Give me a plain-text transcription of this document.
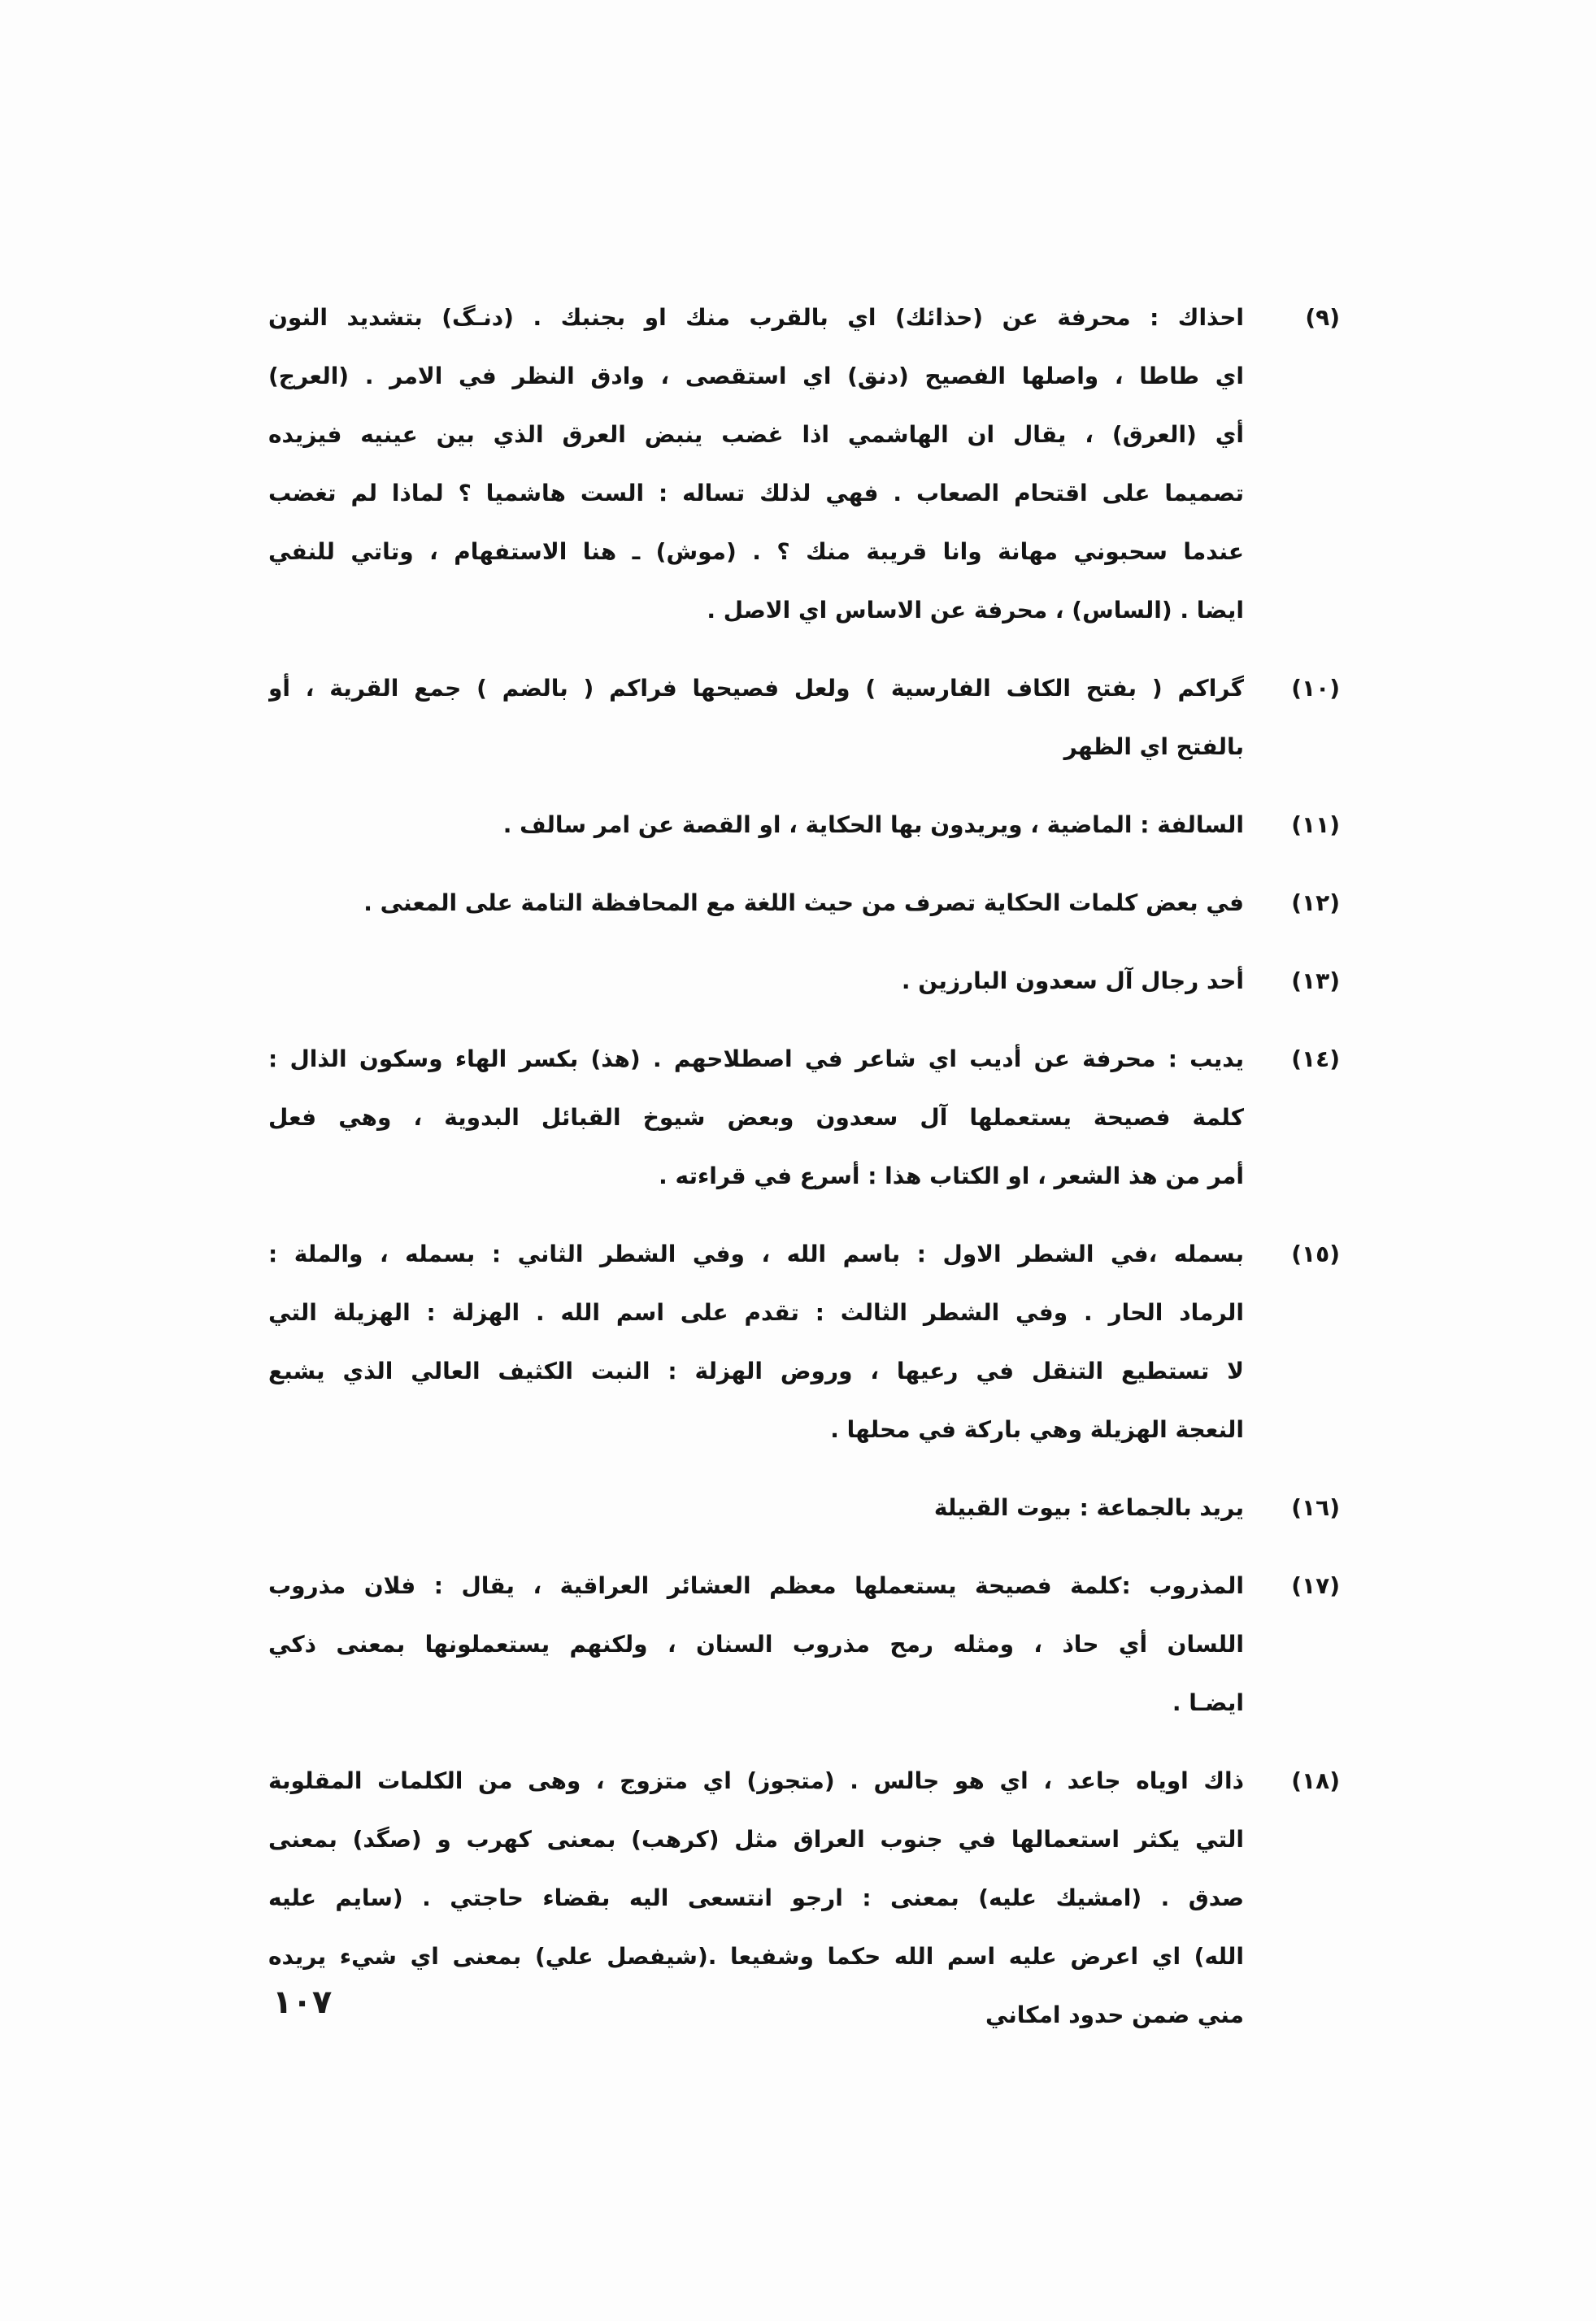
(٩)
احذاك : محرفة عن (حذائك) اي بالقرب منك او بجنبك . (دنـگ) بتشديد النون
اي طاطا ، واصلها الفصيح (دنق) اي استقصى ، وادق النظر في الامر . (العرج)
أي (العرق) ، يقال ان الهاشمي اذا غضب ينبض العرق الذي بين عينيه فيزيده
تصميما على اقتحام الصعاب . فهي لذلك تساله : الست هاشميا ؟ لماذا لم تغضب
عندما سحبوني مهانة وانا قريبة منك ؟ . (موش) ـ هنا الاستفهام ، وتاتي للنفي
ايضا . (الساس) ، محرفة عن الاساس اي الاصل .
(١٠)
گراكم ( بفتح الكاف الفارسية ) ولعل فصيحها فراكم ( بالضم ) جمع القرية ، أو
بالفتح اي الظهر
(١١)
السالفة : الماضية ، ويريدون بها الحكاية ، او القصة عن امر سالف .
(١٢)
في بعض كلمات الحكاية تصرف من حيث اللغة مع المحافظة التامة على المعنى .
(١٣)
أحد رجال آل سعدون البارزين .
(١٤)
يديب : محرفة عن أديب اي شاعر في اصطلاحهم . (هذ) بكسر الهاء وسكون الذال :
كلمة فصيحة يستعملها آل سعدون وبعض شيوخ القبائل البدوية ، وهي فعل
أمر من هذ الشعر ، او الكتاب هذا : أسرع في قراءته .
(١٥)
بسمله ،في الشطر الاول : باسم الله ، وفي الشطر الثاني : بسمله ، والملة :
الرماد الحار . وفي الشطر الثالث : تقدم على اسم الله . الهزلة : الهزيلة التي
لا تستطيع التنقل في رعيها ، وروض الهزلة : النبت الكثيف العالي الذي يشبع
النعجة الهزيلة وهي باركة في محلها .
(١٦)
يريد بالجماعة : بيوت القبيلة
(١٧)
المذروب :كلمة فصيحة يستعملها معظم العشائر العراقية ، يقال : فلان مذروب
اللسان أي حاذ ، ومثله رمح مذروب السنان ، ولكنهم يستعملونها بمعنى ذكي
ايضـا .
(١٨)
ذاك اوياه جاعد ، اي هو جالس . (متجوز) اي متزوج ، وهى من الكلمات المقلوبة
التي يكثر استعمالها في جنوب العراق مثل (كرهب) بمعنى كهرب و (صگد) بمعنى
صدق . (امشيك عليه) بمعنى : ارجو انتسعى اليه بقضاء حاجتي . (سايم عليه
الله) اي اعرض عليه اسم الله حكما وشفيعا .(شيفصل علي) بمعنى اي شيء يريده
مني ضمن حدود امكاني
١٠٧
